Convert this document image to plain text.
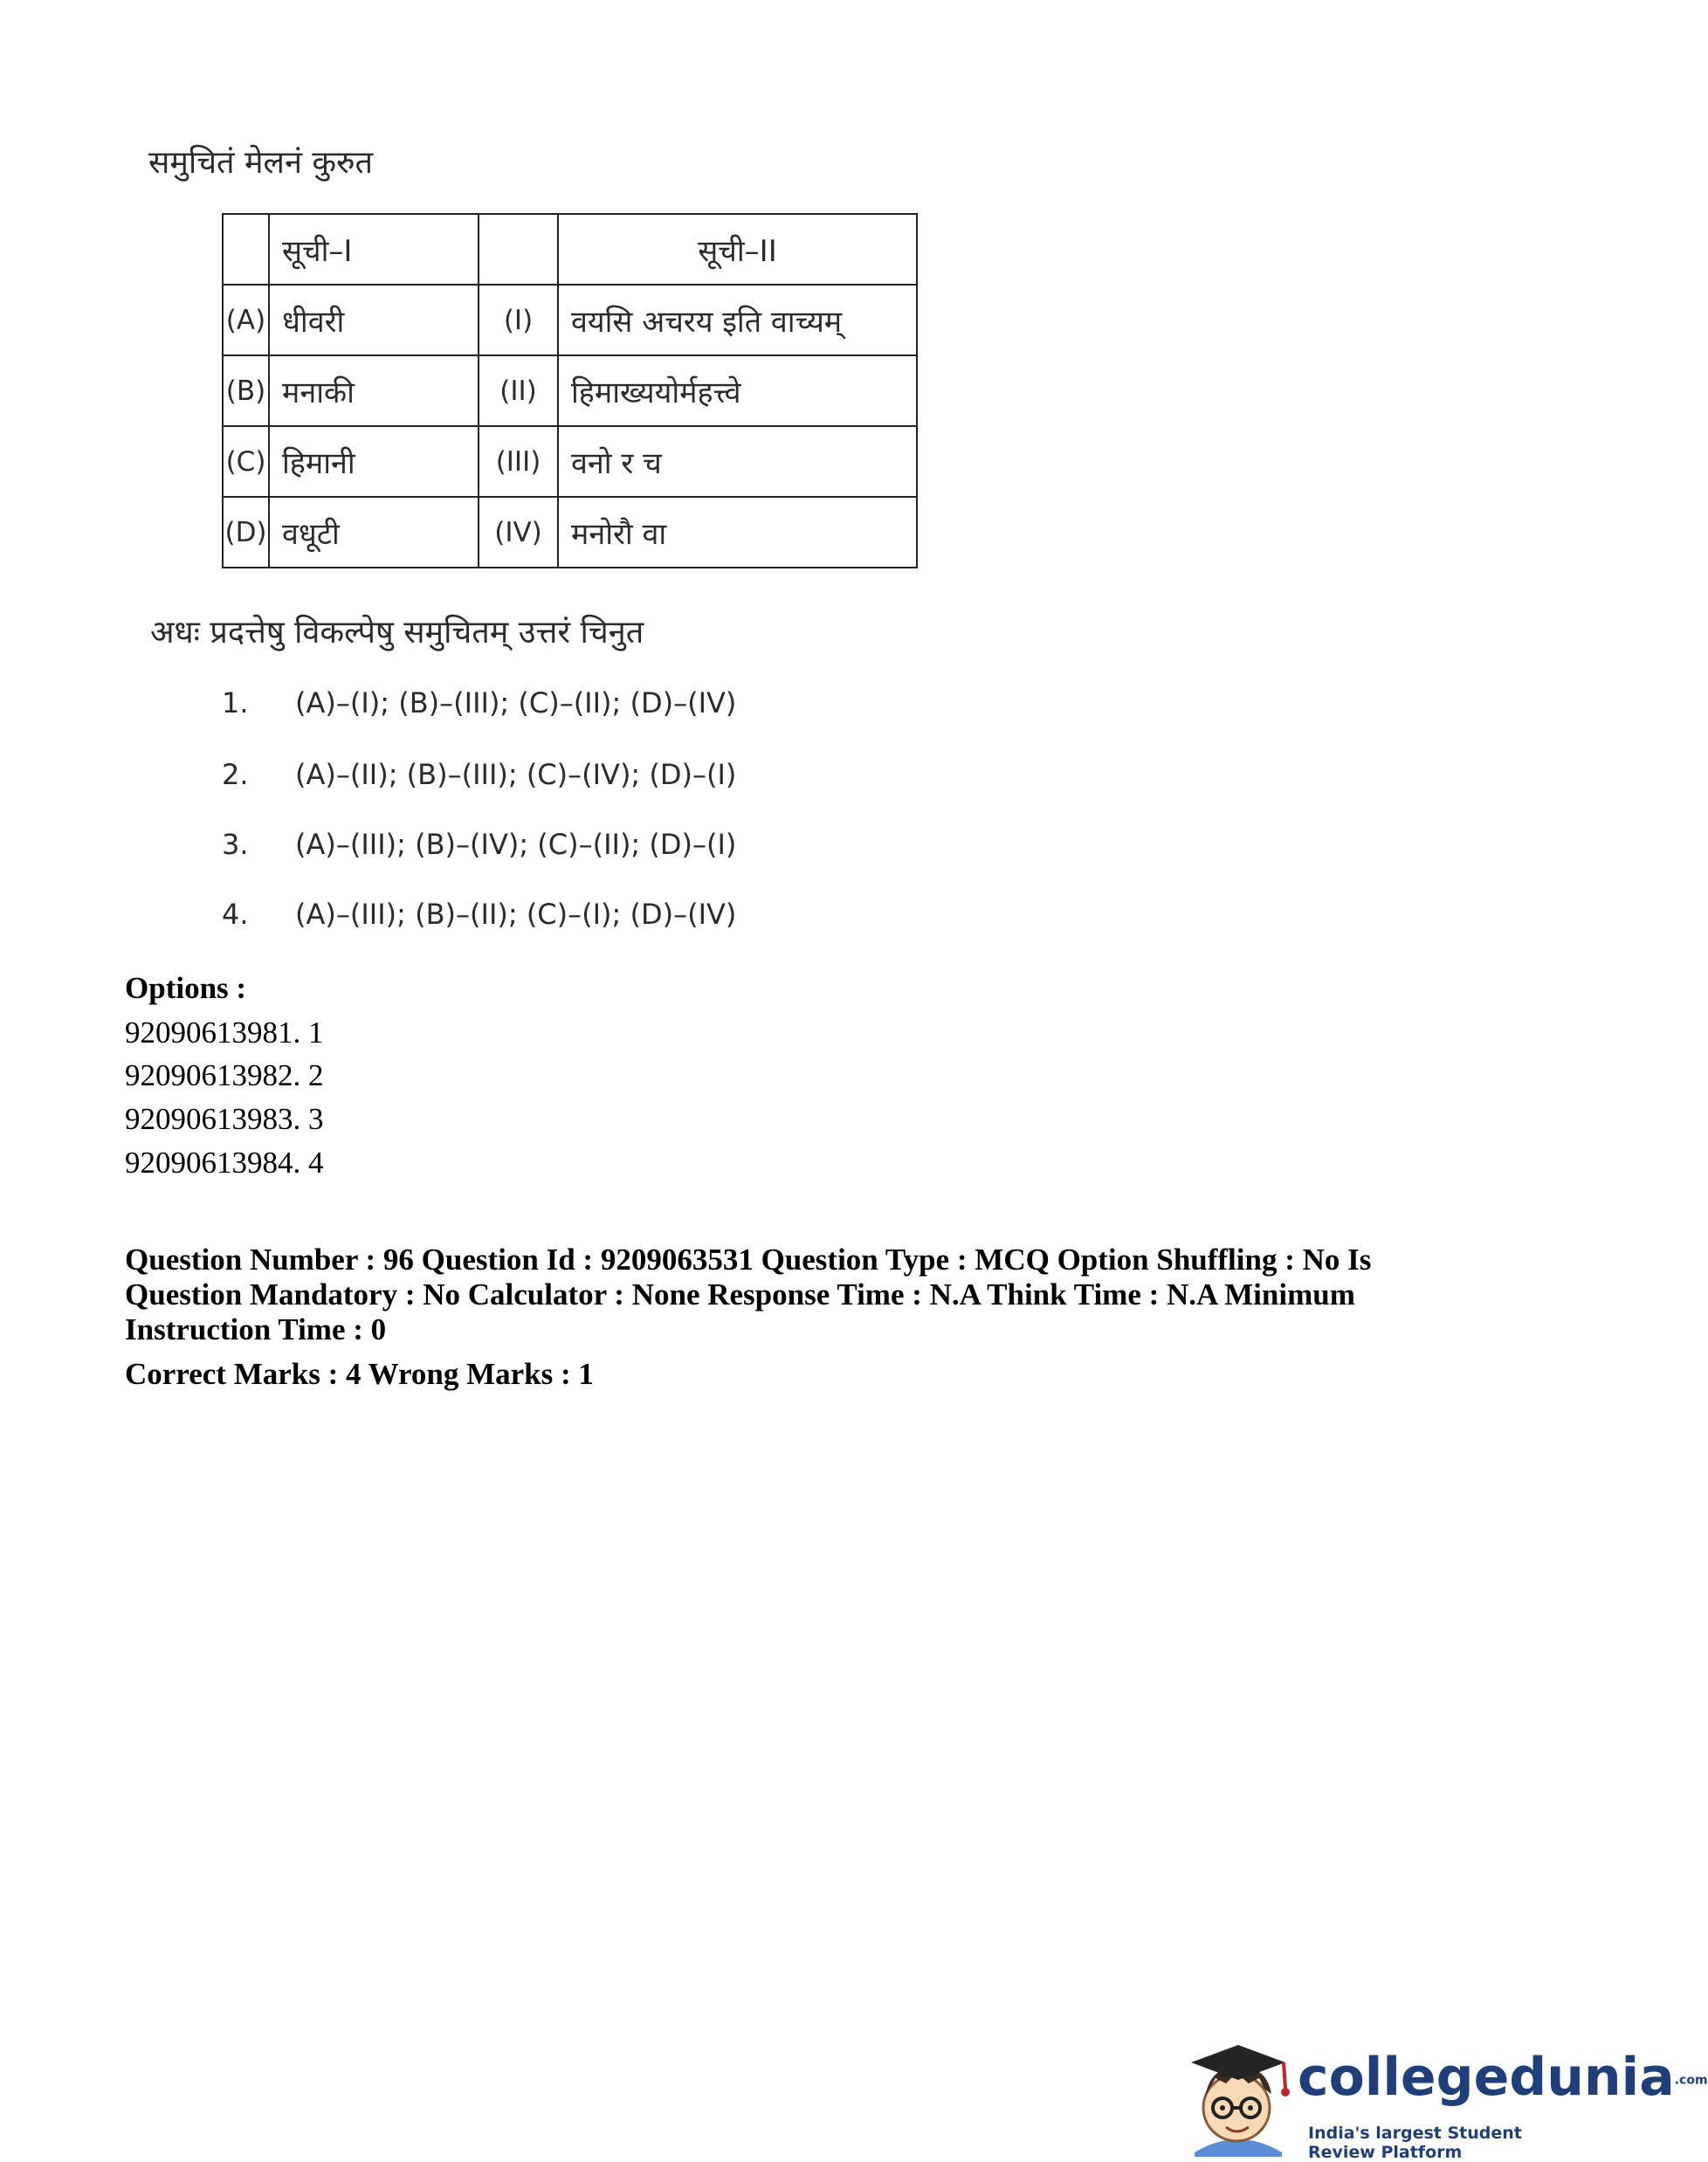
समुचितं मेलनं कुरुत
	सूची–I		सूची–II
(A)	धीवरी	(I)	वयसि अचरय इति वाच्यम्
(B)	मनाकी	(II)	हिमाख्ययोर्महत्त्वे
(C)	हिमानी	(III)	वनो र च
(D)	वधूटी	(IV)	मनोरौ वा
अधः प्रदत्तेषु विकल्पेषु समुचितम् उत्तरं चिनुत
1. (A)–(I); (B)–(III); (C)–(II); (D)–(IV)
2. (A)–(II); (B)–(III); (C)–(IV); (D)–(I)
3. (A)–(III); (B)–(IV); (C)–(II); (D)–(I)
4. (A)–(III); (B)–(II); (C)–(I); (D)–(IV)
Options :
92090613981. 1
92090613982. 2
92090613983. 3
92090613984. 4
Question Number : 96 Question Id : 9209063531 Question Type : MCQ Option Shuffling : No Is Question Mandatory : No Calculator : None Response Time : N.A Think Time : N.A Minimum Instruction Time : 0
Correct Marks : 4 Wrong Marks : 1
collegedunia.com
India's largest Student Review Platform
